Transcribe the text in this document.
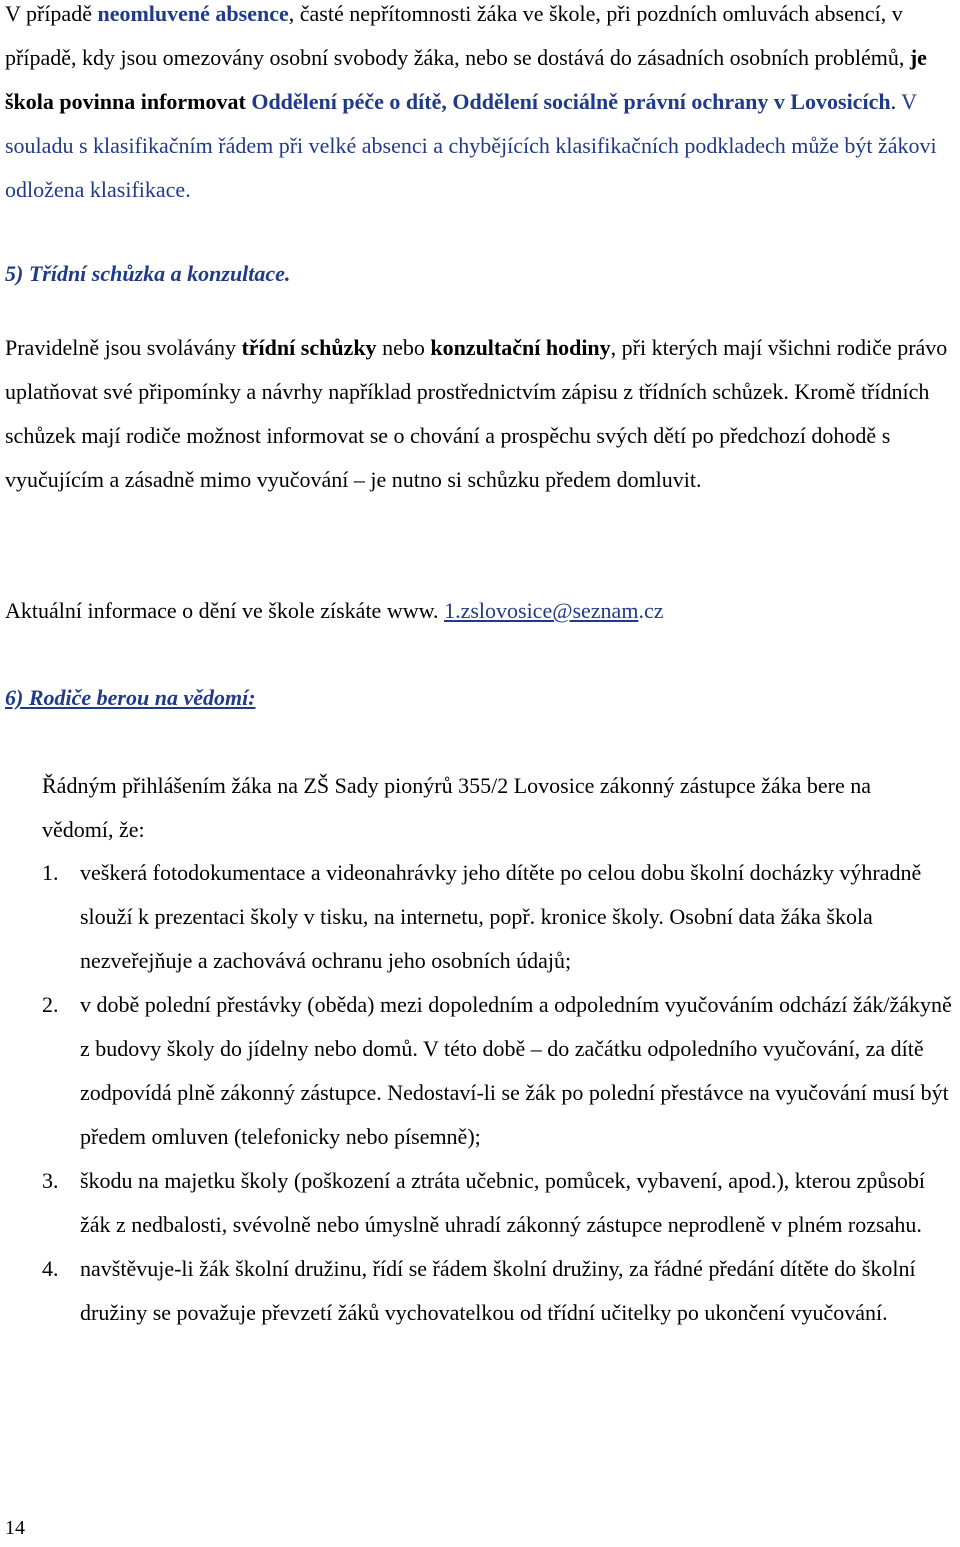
V případě neomluvené absence, časté nepřítomnosti žáka ve škole, při pozdních omluvách absencí, v případě, kdy jsou omezovány osobní svobody žáka, nebo se dostává do zásadních osobních problémů, je škola povinna informovat Oddělení péče o dítě, Oddělení sociálně právní ochrany v Lovosicích. V souladu s klasifikačním řádem při velké absenci a chybějících klasifikačních podkladech může být žákovi odložena klasifikace.

5) Třídní schůzka a konzultace.

Pravidelně jsou svolávány třídní schůzky nebo konzultační hodiny, při kterých mají všichni rodiče právo uplatňovat své připomínky a návrhy například prostřednictvím zápisu z třídních schůzek. Kromě třídních schůzek mají rodiče možnost informovat se o chování a prospěchu svých dětí po předchozí dohodě s vyučujícím a zásadně mimo vyučování – je nutno si schůzku předem domluvit.

Aktuální informace o dění ve škole získáte www. 1.zslovosice@seznam.cz

6) Rodiče berou na vědomí:

Řádným přihlášením žáka na ZŠ Sady pionýrů 355/2 Lovosice zákonný zástupce žáka bere na vědomí, že:

1. veškerá fotodokumentace a videonahrávky jeho dítěte po celou dobu školní docházky výhradně slouží k prezentaci školy v tisku, na internetu, popř. kronice školy. Osobní data žáka škola nezveřejňuje a zachovává ochranu jeho osobních údajů;
2. v době polední přestávky (oběda) mezi dopoledním a odpoledním vyučováním odchází žák/žákyně z budovy školy do jídelny nebo domů. V této době – do začátku odpoledního vyučování, za dítě zodpovídá plně zákonný zástupce. Nedostaví-li se žák po polední přestávce na vyučování musí být předem omluven (telefonicky nebo písemně);
3. škodu na majetku školy (poškození a ztráta učebnic, pomůcek, vybavení, apod.), kterou způsobí žák z nedbalosti, svévolně nebo úmyslně uhradí zákonný zástupce neprodleně v plném rozsahu.
4. navštěvuje-li žák školní družinu, řídí se řádem školní družiny, za řádné předání dítěte do školní družiny se považuje převzetí žáků vychovatelkou od třídní učitelky po ukončení vyučování.
14
